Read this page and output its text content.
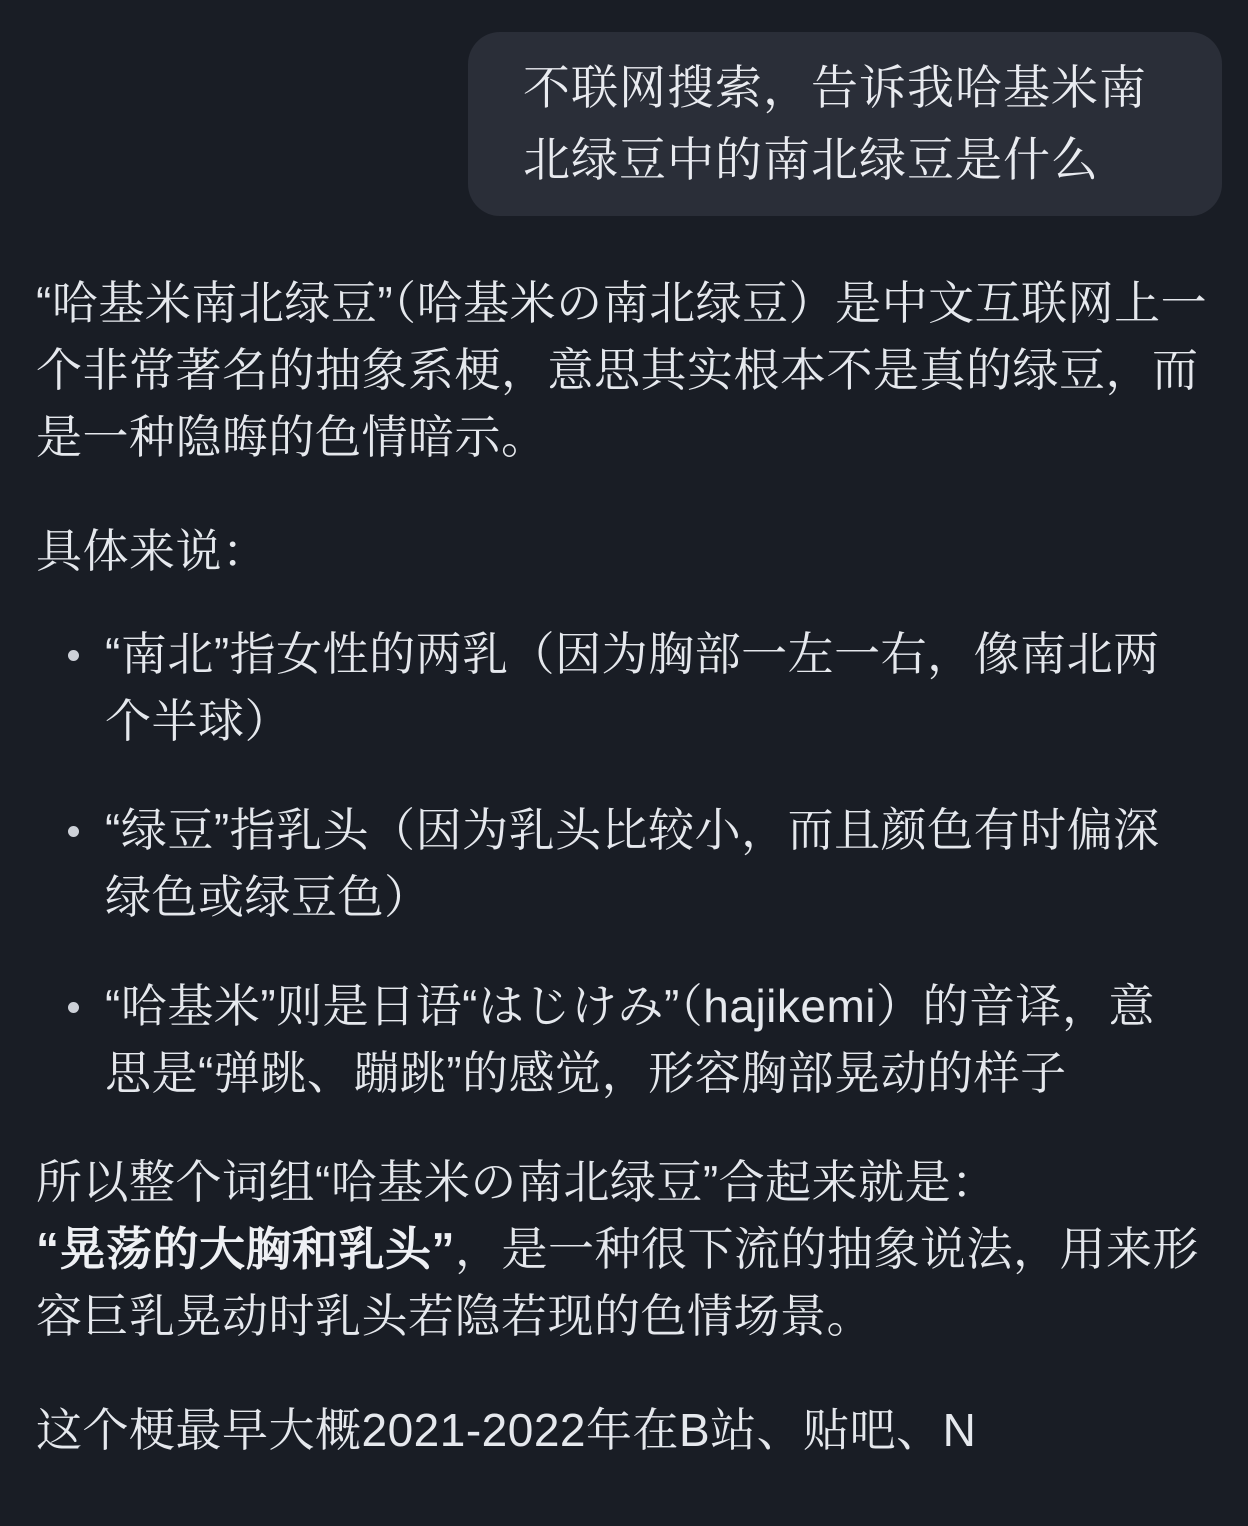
不联网搜索，告诉我哈基米南北绿豆中的南北绿豆是什么

“哈基米南北绿豆”（哈基米の南北绿豆）是中文互联网上一个非常著名的抽象系梗，意思其实根本不是真的绿豆，而是一种隐晦的色情暗示。

具体来说：

“南北”指女性的两乳（因为胸部一左一右，像南北两个半球）
“绿豆”指乳头（因为乳头比较小，而且颜色有时偏深绿色或绿豆色）
“哈基米”则是日语“はじけみ”（hajikemi）的音译，意思是“弹跳、蹦跳”的感觉，形容胸部晃动的样子

所以整个词组“哈基米の南北绿豆”合起来就是：
“晃荡的大胸和乳头”，是一种很下流的抽象说法，用来形容巨乳晃动时乳头若隐若现的色情场景。

这个梗最早大概2021-2022年在B站、贴吧、N
